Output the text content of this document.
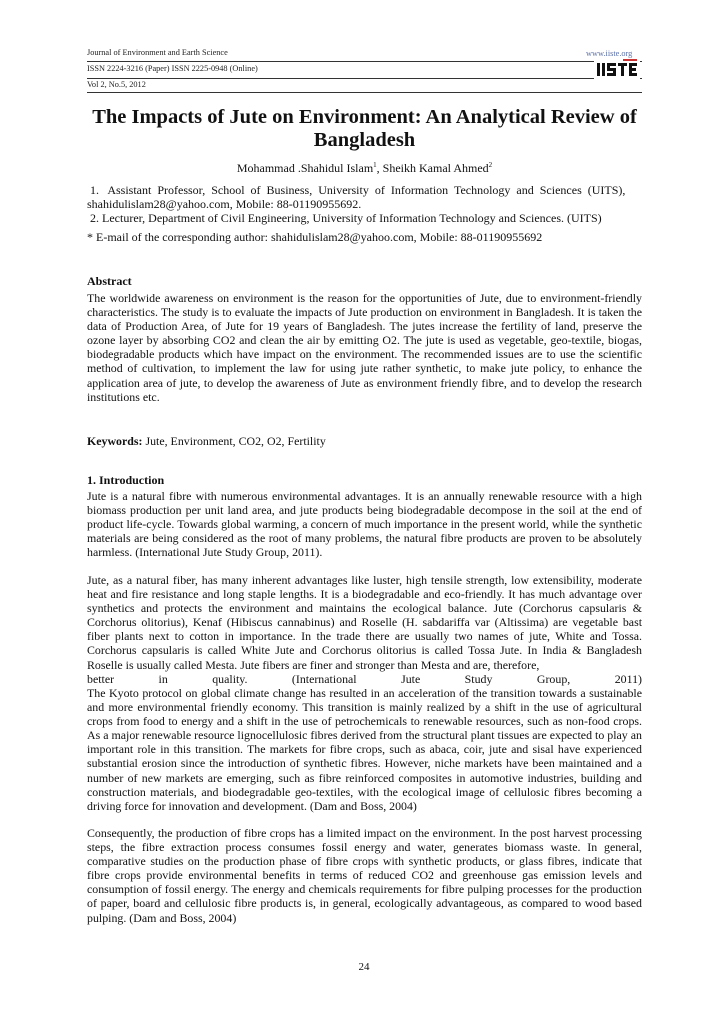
Journal of Environment and Earth Science	www.iiste.org
ISSN 2224-3216 (Paper) ISSN 2225-0948 (Online)
Vol 2, No.5, 2012
The Impacts of Jute on Environment: An Analytical Review of
Bangladesh
Mohammad .Shahidul Islam$^1$, Sheikh Kamal Ahmed$^2$
1.   Assistant  Professor,  School  of  Business,  University  of  Information  Technology  and  Sciences  (UITS),
shahidulislam28@yahoo.com, Mobile: 88-01190955692.
2. Lecturer, Department of Civil Engineering, University of Information Technology and Sciences. (UITS)
* E-mail of the corresponding author: shahidulislam28@yahoo.com, Mobile: 88-01190955692
Abstract
The worldwide awareness on environment is the reason for the opportunities of Jute, due to environment-friendly characteristics. The study is to evaluate the impacts of Jute production on environment in Bangladesh. It is taken the data of Production Area, of Jute for 19 years of Bangladesh. The jutes increase the fertility of land, preserve the ozone layer by absorbing CO2 and clean the air by emitting O2. The jute is used as vegetable, geo-textile, biogas, biodegradable products which have impact on the environment. The recommended issues are to use the scientific method of cultivation, to implement the law for using jute rather synthetic, to make jute policy, to enhance the application area of jute, to develop the awareness of Jute as environment friendly fibre, and to develop the research institutions etc.
Keywords: Jute, Environment, CO2, O2, Fertility
1. Introduction
Jute is a natural fibre with numerous environmental advantages. It is an annually renewable resource with a high biomass production per unit land area, and jute products being biodegradable decompose in the soil at the end of product life-cycle. Towards global warming, a concern of much importance in the present world, while the synthetic materials are being considered as the root of many problems, the natural fibre products are proven to be absolutely harmless. (International Jute Study Group, 2011).
Jute, as a natural fiber, has many inherent advantages like luster, high tensile strength, low extensibility, moderate heat and fire resistance and long staple lengths. It is a biodegradable and eco-friendly. It has much advantage over synthetics and protects the environment and maintains the ecological balance. Jute (Corchorus capsularis & Corchorus olitorius), Kenaf (Hibiscus cannabinus) and Roselle (H. sabdariffa var (Altissima) are vegetable bast fiber plants next to cotton in importance. In the trade there are usually two names of jute, White and Tossa. Corchorus capsularis is called White Jute and Corchorus olitorius is called Tossa Jute. In India & Bangladesh Roselle is usually called Mesta. Jute fibers are finer and stronger than Mesta and are, therefore,
better in quality. (International Jute Study Group, 2011)
The Kyoto protocol on global climate change has resulted in an acceleration of the transition towards a sustainable and more environmental friendly economy. This transition is mainly realized by a shift in the use of agricultural crops from food to energy and a shift in the use of petrochemicals to renewable resources, such as non-food crops. As a major renewable resource lignocellulosic fibres derived from the structural plant tissues are expected to play an important role in this transition. The markets for fibre crops, such as abaca, coir, jute and sisal have experienced substantial erosion since the introduction of synthetic fibres. However, niche markets have been maintained and a number of new markets are emerging, such as fibre reinforced composites in automotive industries, building and construction materials, and biodegradable geo-textiles, with the ecological image of cellulosic fibres becoming a driving force for innovation and development. (Dam and Boss, 2004)
Consequently, the production of fibre crops has a limited impact on the environment. In the post harvest processing steps, the fibre extraction process consumes fossil energy and water, generates biomass waste. In general, comparative studies on the production phase of fibre crops with synthetic products, or glass fibres, indicate that fibre crops provide environmental benefits in terms of reduced CO2 and greenhouse gas emission levels and consumption of fossil energy. The energy and chemicals requirements for fibre pulping processes for the production of paper, board and cellulosic fibre products is, in general, ecologically advantageous, as compared to wood based pulping. (Dam and Boss, 2004)
24
